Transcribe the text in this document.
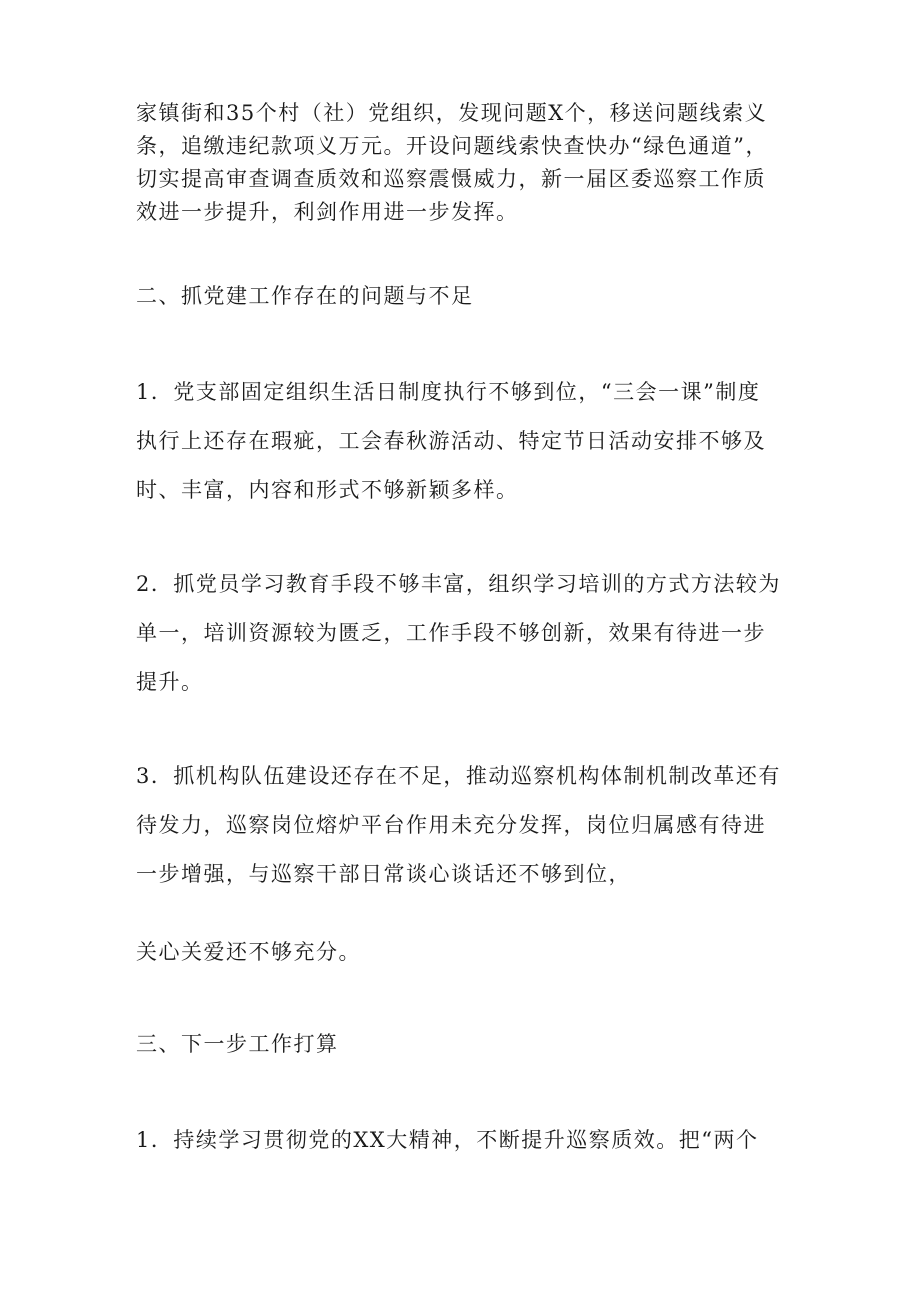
家镇街和35个村（社）党组织，发现问题X个，移送问题线索义
条，追缴违纪款项义万元。开设问题线索快查快办“绿色通道”，
切实提高审查调查质效和巡察震慑威力，新一届区委巡察工作质
效进一步提升，利剑作用进一步发挥。
二、抓党建工作存在的问题与不足
1．党支部固定组织生活日制度执行不够到位，“三会一课”制度
执行上还存在瑕疵，工会春秋游活动、特定节日活动安排不够及
时、丰富，内容和形式不够新颖多样。
2．抓党员学习教育手段不够丰富，组织学习培训的方式方法较为
单一，培训资源较为匮乏，工作手段不够创新，效果有待进一步
提升。
3．抓机构队伍建设还存在不足，推动巡察机构体制机制改革还有
待发力，巡察岗位熔炉平台作用未充分发挥，岗位归属感有待进
一步增强，与巡察干部日常谈心谈话还不够到位，
关心关爱还不够充分。
三、下一步工作打算
1．持续学习贯彻党的XX大精神，不断提升巡察质效。把“两个
